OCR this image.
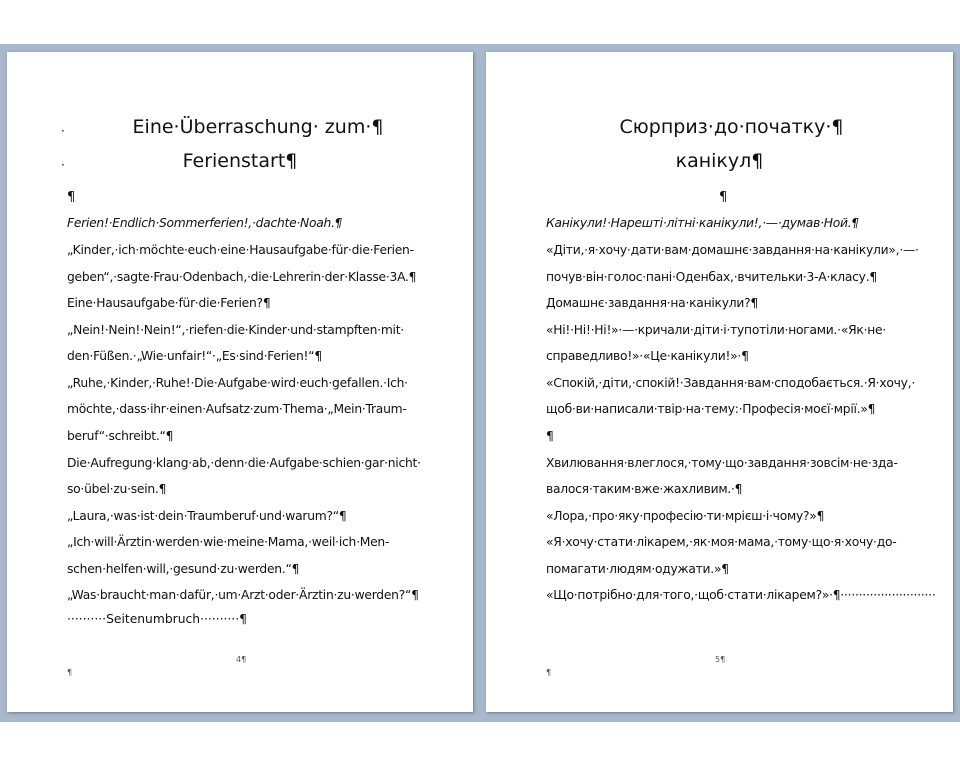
·
·
Eine·Überraschung· zum·¶
Ferienstart¶
¶
Ferien!·Endlich·Sommerferien!,·dachte·Noah.¶
„Kinder,·ich·möchte·euch·eine·Hausaufgabe·für·die·Ferien-
geben“,·sagte·Frau·Odenbach,·die·Lehrerin·der·Klasse·3A.¶
Eine·Hausaufgabe·für·die·Ferien?¶
„Nein!·Nein!·Nein!“,·riefen·die·Kinder·und·stampften·mit·
den·Füßen.·„Wie·unfair!“·„Es·sind·Ferien!“¶
„Ruhe,·Kinder,·Ruhe!·Die·Aufgabe·wird·euch·gefallen.·Ich·
möchte,·dass·ihr·einen·Aufsatz·zum·Thema·„Mein·Traum-
beruf“·schreibt.“¶
Die·Aufregung·klang·ab,·denn·die·Aufgabe·schien·gar·nicht·
so·übel·zu·sein.¶
„Laura,·was·ist·dein·Traumberuf·und·warum?“¶
„Ich·will·Ärztin·werden·wie·meine·Mama,·weil·ich·Men-
schen·helfen·will,·gesund·zu·werden.“¶
„Was·braucht·man·dafür,·um·Arzt·oder·Ärztin·zu·werden?“¶
··········Seitenumbruch··········¶
4¶
¶
Сюрприз·до·початку·¶
канікул¶
¶
Канікули!·Нарешті·літні·канікули!,·—·думав·Ной.¶
«Діти,·я·хочу·дати·вам·домашнє·завдання·на·канікули»,·—·
почув·він·голос·пані·Оденбах,·вчительки·3-А·класу.¶
Домашнє·завдання·на·канікули?¶
«Ні!·Ні!·Ні!»·—·кричали·діти·і·тупотіли·ногами.·«Як·не·
справедливо!»·«Це·канікули!»·¶
«Спокій,·діти,·спокій!·Завдання·вам·сподобається.·Я·хочу,·
щоб·ви·написали·твір·на·тему:·Професія·моєї·мрії.»¶
¶
Хвилювання·влеглося,·тому·що·завдання·зовсім·не·зда-
валося·таким·вже·жахливим.·¶
«Лора,·про·яку·професію·ти·мрієш·і·чому?»¶
«Я·хочу·стати·лікарем,·як·моя·мама,·тому·що·я·хочу·до-
помагати·людям·одужати.»¶
«Що·потрібно·для·того,·щоб·стати·лікарем?»·¶··························
5¶
¶
